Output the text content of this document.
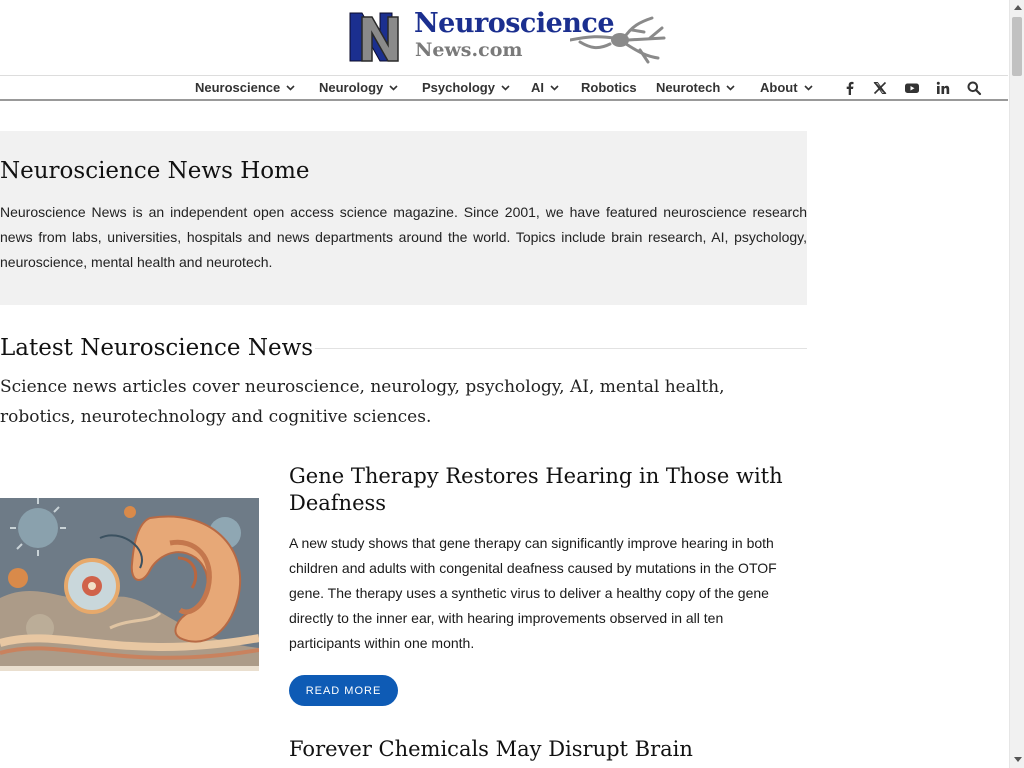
Neuroscience
News.com
Neuroscience	Neurology	Psychology	AI	Robotics Neurotech	About
Neuroscience News Home

Neuroscience News is an independent open access science magazine. Since 2001, we have featured neuroscience research news from labs, universities, hospitals and news departments around the world. Topics include brain research, AI, psychology, neuroscience, mental health and neurotech.

Latest Neuroscience News

Science news articles cover neuroscience, neurology, psychology, AI, mental health, robotics, neurotechnology and cognitive sciences.

Gene Therapy Restores Hearing in Those with Deafness

A new study shows that gene therapy can significantly improve hearing in both children and adults with congenital deafness caused by mutations in the OTOF gene. The therapy uses a synthetic virus to deliver a healthy copy of the gene directly to the inner ear, with hearing improvements observed in all ten participants within one month.

READ MORE
Forever Chemicals May Disrupt Brain
